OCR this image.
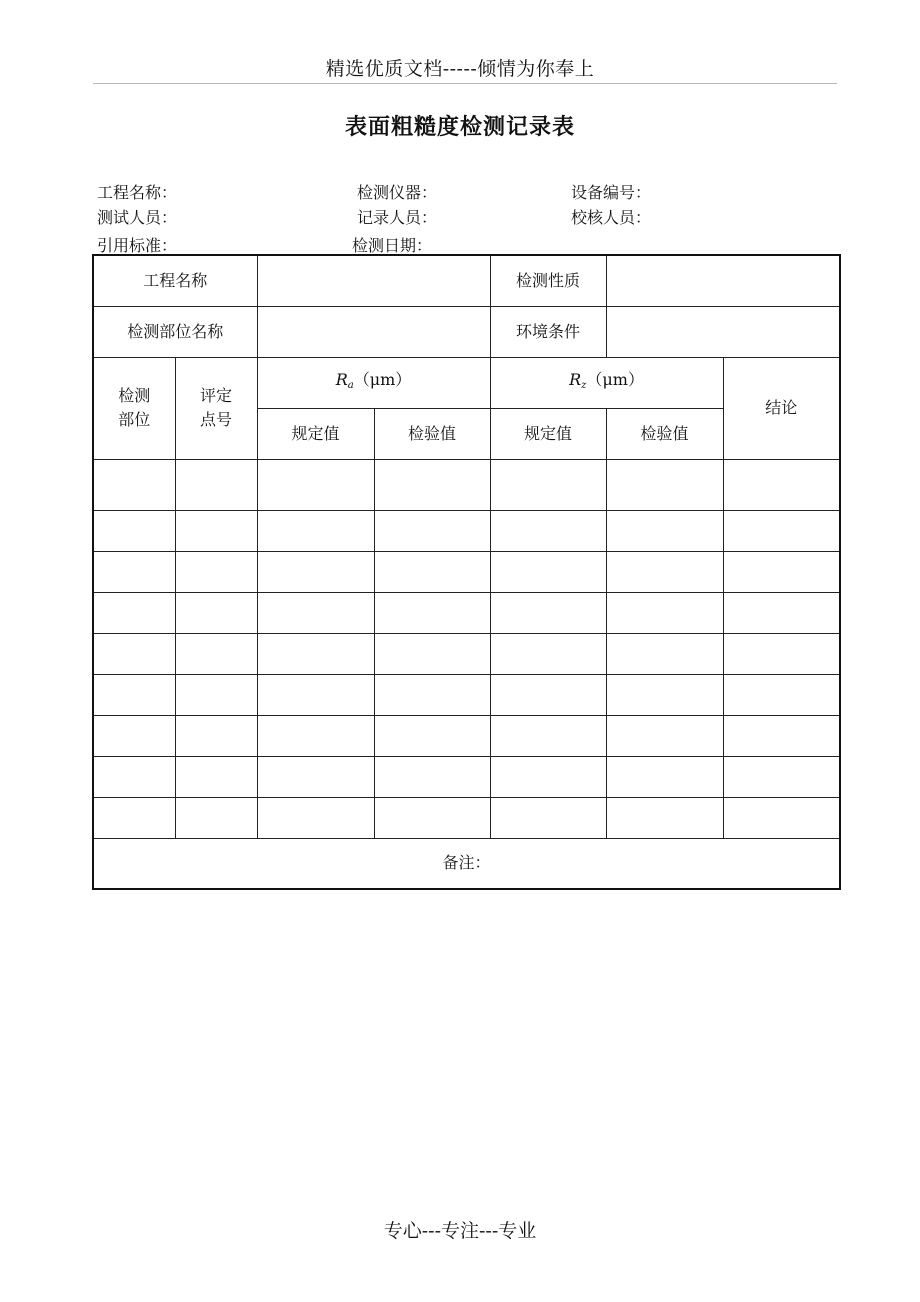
精选优质文档-----倾情为你奉上
表面粗糙度检测记录表
工程名称：	检测仪器：	设备编号：
测试人员：	记录人员：	校核人员：
引用标准：	检测日期：
工程名称				检测性质		
检测部位名称				环境条件		

检测部位	评定点号	Ra（μm）		Rz（μm）		结论
		规定值	检验值	规定值	检验值	

备注：						
专心---专注---专业
